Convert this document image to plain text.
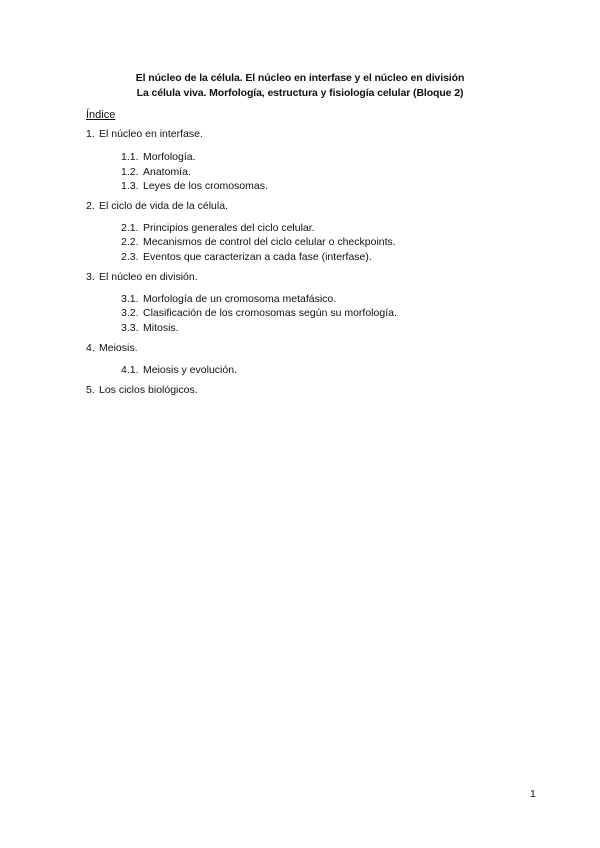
El núcleo de la célula. El núcleo en interfase y el núcleo en división
La célula viva. Morfología, estructura y fisiología celular (Bloque 2)
Índice
1. El núcleo en interfase.
1.1. Morfología.
1.2. Anatomía.
1.3. Leyes de los cromosomas.
2. El ciclo de vida de la célula.
2.1. Principios generales del ciclo celular.
2.2. Mecanismos de control del ciclo celular o checkpoints.
2.3. Eventos que caracterizan a cada fase (interfase).
3. El núcleo en división.
3.1. Morfología de un cromosoma metafásico.
3.2. Clasificación de los cromosomas según su morfología.
3.3. Mitosis.
4. Meiosis.
4.1. Meiosis y evolución.
5. Los ciclos biológicos.
1
